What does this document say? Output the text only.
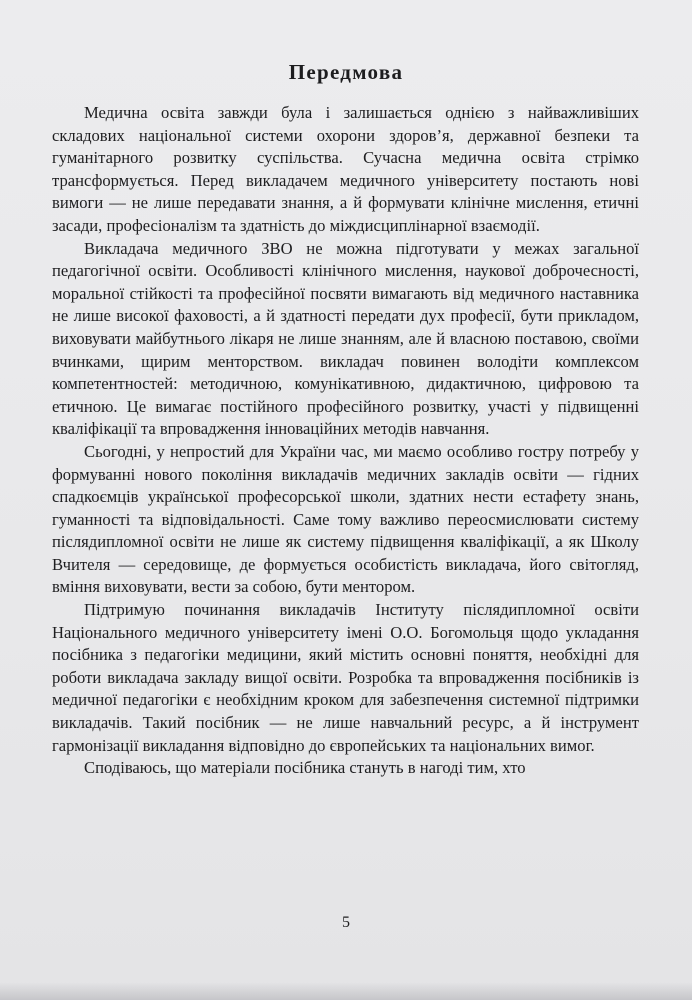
Передмова

Медична освіта завжди була і залишається однією з найважливіших складових національної системи охорони здоров’я, державної безпеки та гуманітарного розвитку суспільства. Сучасна медична освіта стрімко трансформується. Перед викладачем медичного університету постають нові вимоги — не лише передавати знання, а й формувати клінічне мислення, етичні засади, професіоналізм та здатність до міждисциплінарної взаємодії.

Викладача медичного ЗВО не можна підготувати у межах загальної педагогічної освіти. Особливості клінічного мислення, наукової доброчесності, моральної стійкості та професійної посвяти вимагають від медичного наставника не лише високої фаховості, а й здатності передати дух професії, бути прикладом, виховувати майбутнього лікаря не лише знанням, але й власною поставою, своїми вчинками, щирим менторством. викладач повинен володіти комплексом компетентностей: методичною, комунікативною, дидактичною, цифровою та етичною. Це вимагає постійного професійного розвитку, участі у підвищенні кваліфікації та впровадження інноваційних методів навчання.

Сьогодні, у непростий для України час, ми маємо особливо гостру потребу у формуванні нового покоління викладачів медичних закладів освіти — гідних спадкоємців української професорської школи, здатних нести естафету знань, гуманності та відповідальності. Саме тому важливо переосмислювати систему післядипломної освіти не лише як систему підвищення кваліфікації, а як Школу Вчителя — середовище, де формується особистість викладача, його світогляд, вміння виховувати, вести за собою, бути ментором.

Підтримую починання викладачів Інституту післядипломної освіти Національного медичного університету імені О.О. Богомольця щодо укладання посібника з педагогіки медицини, який містить основні поняття, необхідні для роботи викладача закладу вищої освіти. Розробка та впровадження посібників із медичної педагогіки є необхідним кроком для забезпечення системної підтримки викладачів. Такий посібник — не лише навчальний ресурс, а й інструмент гармонізації викладання відповідно до європейських та національних вимог.

Сподіваюсь, що матеріали посібника стануть в нагоді тим, хто

5
